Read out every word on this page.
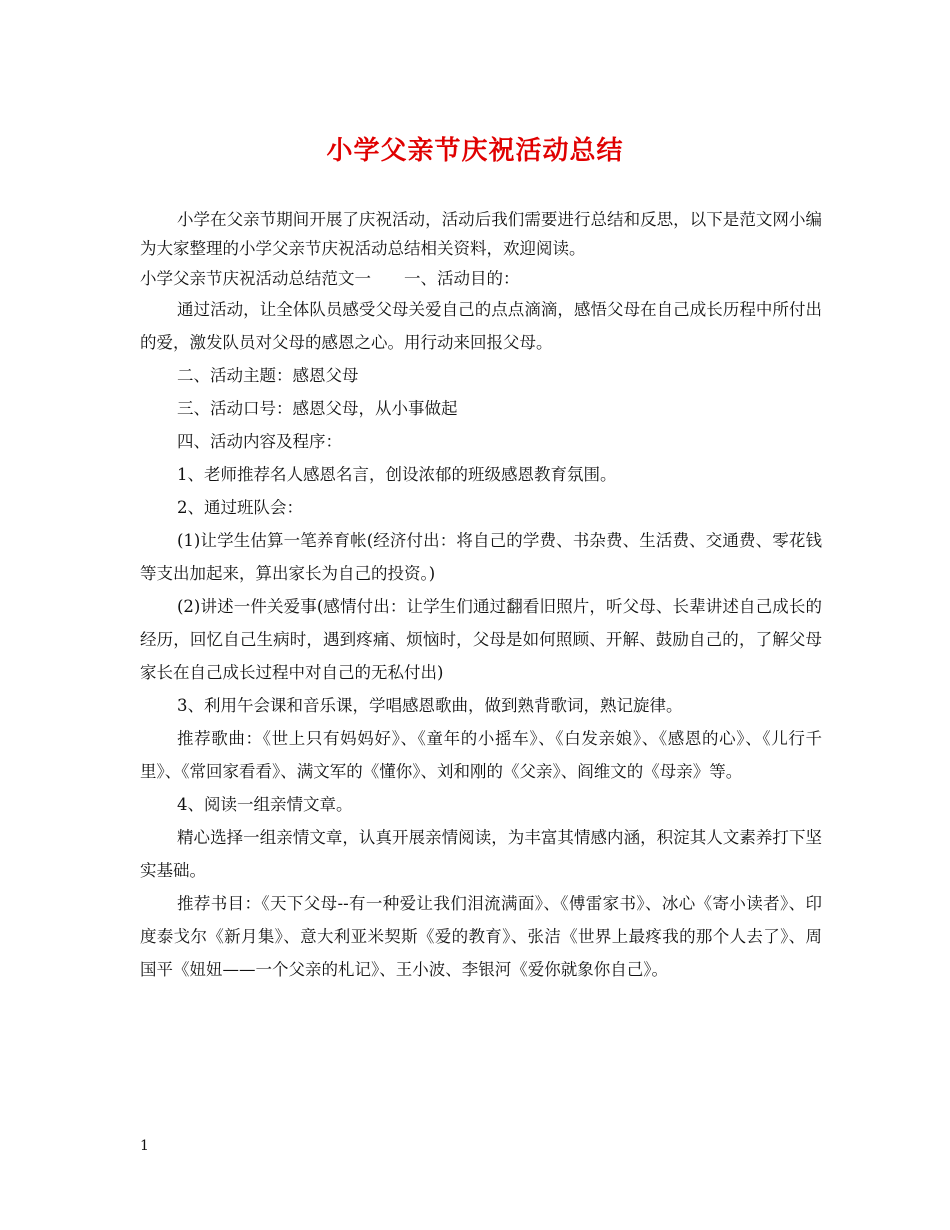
小学父亲节庆祝活动总结

小学在父亲节期间开展了庆祝活动，活动后我们需要进行总结和反思，以下是范文网小编为大家整理的小学父亲节庆祝活动总结相关资料，欢迎阅读。

小学父亲节庆祝活动总结范文一　　一、活动目的：

通过活动，让全体队员感受父母关爱自己的点点滴滴，感悟父母在自己成长历程中所付出的爱，激发队员对父母的感恩之心。用行动来回报父母。

二、活动主题：感恩父母

三、活动口号：感恩父母，从小事做起

四、活动内容及程序：

1、老师推荐名人感恩名言，创设浓郁的班级感恩教育氛围。

2、通过班队会：

(1)让学生估算一笔养育帐(经济付出：将自己的学费、书杂费、生活费、交通费、零花钱等支出加起来，算出家长为自己的投资。)

(2)讲述一件关爱事(感情付出：让学生们通过翻看旧照片，听父母、长辈讲述自己成长的经历，回忆自己生病时，遇到疼痛、烦恼时，父母是如何照顾、开解、鼓励自己的，了解父母家长在自己成长过程中对自己的无私付出)

3、利用午会课和音乐课，学唱感恩歌曲，做到熟背歌词，熟记旋律。

推荐歌曲：《世上只有妈妈好》、《童年的小摇车》、《白发亲娘》、《感恩的心》、《儿行千里》、《常回家看看》、满文军的《懂你》、刘和刚的《父亲》、阎维文的《母亲》等。

4、阅读一组亲情文章。

精心选择一组亲情文章，认真开展亲情阅读，为丰富其情感内涵，积淀其人文素养打下坚实基础。

推荐书目：《天下父母--有一种爱让我们泪流满面》、《傅雷家书》、冰心《寄小读者》、印度泰戈尔《新月集》、意大利亚米契斯《爱的教育》、张洁《世界上最疼我的那个人去了》、周国平《妞妞——一个父亲的札记》、王小波、李银河《爱你就象你自己》。

1
